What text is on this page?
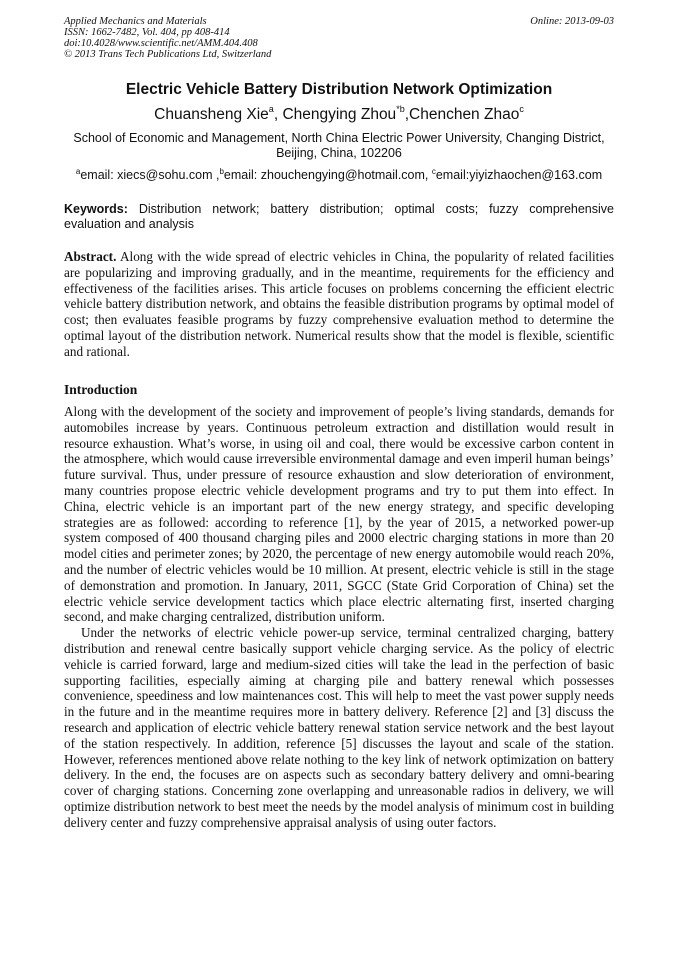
Applied Mechanics and Materials
ISSN: 1662-7482, Vol. 404, pp 408-414
doi:10.4028/www.scientific.net/AMM.404.408
© 2013 Trans Tech Publications Ltd, Switzerland
Online: 2013-09-03
Electric Vehicle Battery Distribution Network Optimization
Chuansheng Xie$^a$, Chengying Zhou$^{*b}$,Chenchen Zhao$^c$
School of Economic and Management, North China Electric Power University, Changing District, Beijing, China, 102206
$^a$email: xiecs@sohu.com ,$^b$email: zhouchengying@hotmail.com, $^c$email:yiyizhaochen@163.com
Keywords: Distribution network; battery distribution; optimal costs; fuzzy comprehensive evaluation and analysis
Abstract. Along with the wide spread of electric vehicles in China, the popularity of related facilities are popularizing and improving gradually, and in the meantime, requirements for the efficiency and effectiveness of the facilities arises. This article focuses on problems concerning the efficient electric vehicle battery distribution network, and obtains the feasible distribution programs by optimal model of cost; then evaluates feasible programs by fuzzy comprehensive evaluation method to determine the optimal layout of the distribution network. Numerical results show that the model is flexible, scientific and rational.
Introduction

Along with the development of the society and improvement of people’s living standards, demands for automobiles increase by years. Continuous petroleum extraction and distillation would result in resource exhaustion. What’s worse, in using oil and coal, there would be excessive carbon content in the atmosphere, which would cause irreversible environmental damage and even imperil human beings’ future survival. Thus, under pressure of resource exhaustion and slow deterioration of environment, many countries propose electric vehicle development programs and try to put them into effect. In China, electric vehicle is an important part of the new energy strategy, and specific developing strategies are as followed: according to reference [1], by the year of 2015, a networked power-up system composed of 400 thousand charging piles and 2000 electric charging stations in more than 20 model cities and perimeter zones; by 2020, the percentage of new energy automobile would reach 20%, and the number of electric vehicles would be 10 million. At present, electric vehicle is still in the stage of demonstration and promotion. In January, 2011, SGCC (State Grid Corporation of China) set the electric vehicle service development tactics which place electric alternating first, inserted charging second, and make charging centralized, distribution uniform.

Under the networks of electric vehicle power-up service, terminal centralized charging, battery distribution and renewal centre basically support vehicle charging service. As the policy of electric vehicle is carried forward, large and medium-sized cities will take the lead in the perfection of basic supporting facilities, especially aiming at charging pile and battery renewal which possesses convenience, speediness and low maintenances cost. This will help to meet the vast power supply needs in the future and in the meantime requires more in battery delivery. Reference [2] and [3] discuss the research and application of electric vehicle battery renewal station service network and the best layout of the station respectively. In addition, reference [5] discusses the layout and scale of the station. However, references mentioned above relate nothing to the key link of network optimization on battery delivery. In the end, the focuses are on aspects such as secondary battery delivery and omni-bearing cover of charging stations. Concerning zone overlapping and unreasonable radios in delivery, we will optimize distribution network to best meet the needs by the model analysis of minimum cost in building delivery center and fuzzy comprehensive appraisal analysis of using outer factors.
